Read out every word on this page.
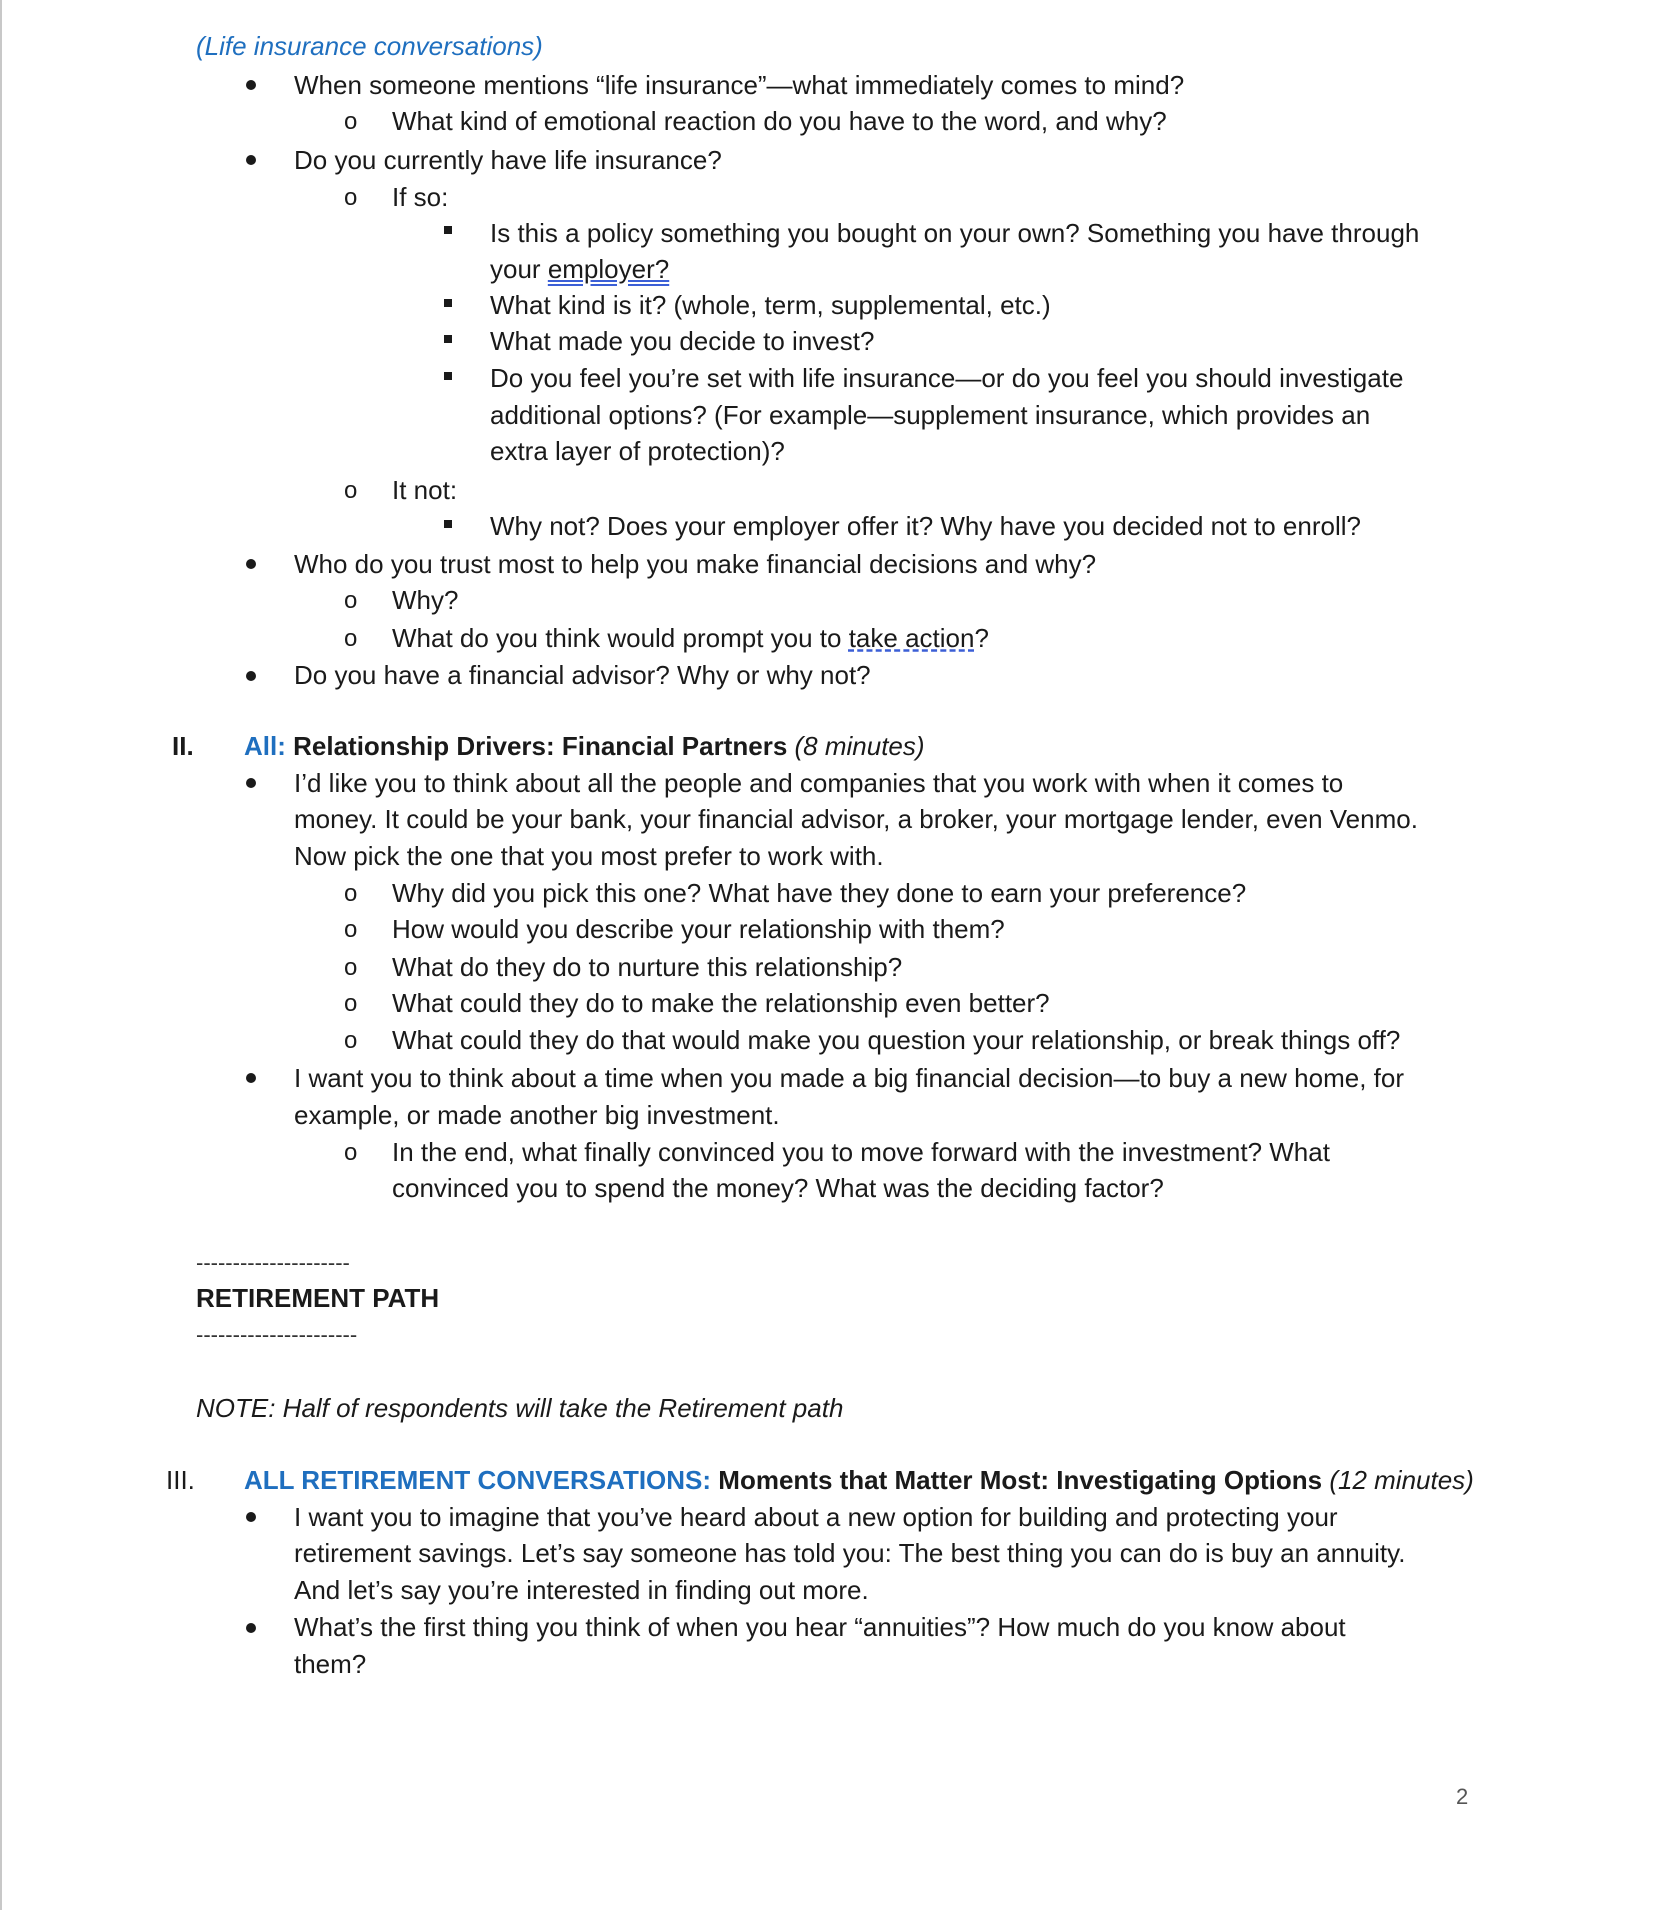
(Life insurance conversations)
When someone mentions “life insurance”—what immediately comes to mind?
o What kind of emotional reaction do you have to the word, and why?
Do you currently have life insurance?
o If so:
Is this a policy something you bought on your own? Something you have through
your employer?
What kind is it? (whole, term, supplemental, etc.)
What made you decide to invest?
Do you feel you’re set with life insurance—or do you feel you should investigate
additional options? (For example—supplement insurance, which provides an
extra layer of protection)?
o It not:
Why not? Does your employer offer it? Why have you decided not to enroll?
Who do you trust most to help you make financial decisions and why?
o Why?
o What do you think would prompt you to take action?
Do you have a financial advisor? Why or why not?
II. All: Relationship Drivers: Financial Partners (8 minutes)
I’d like you to think about all the people and companies that you work with when it comes to
money. It could be your bank, your financial advisor, a broker, your mortgage lender, even Venmo.
Now pick the one that you most prefer to work with.
o Why did you pick this one? What have they done to earn your preference?
o How would you describe your relationship with them?
o What do they do to nurture this relationship?
o What could they do to make the relationship even better?
o What could they do that would make you question your relationship, or break things off?
I want you to think about a time when you made a big financial decision—to buy a new home, for
example, or made another big investment.
o In the end, what finally convinced you to move forward with the investment? What
convinced you to spend the money? What was the deciding factor?
---------------------
RETIREMENT PATH
----------------------
NOTE: Half of respondents will take the Retirement path
III. ALL RETIREMENT CONVERSATIONS: Moments that Matter Most: Investigating Options (12 minutes)
I want you to imagine that you’ve heard about a new option for building and protecting your
retirement savings. Let’s say someone has told you: The best thing you can do is buy an annuity.
And let’s say you’re interested in finding out more.
What’s the first thing you think of when you hear “annuities”? How much do you know about
them?
2
